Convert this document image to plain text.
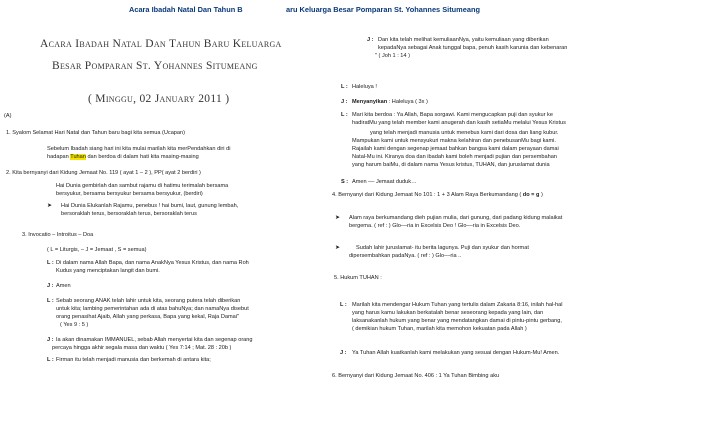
Acara Ibadah Natal Dan Tahun B	aru Keluarga Besar Pomparan St. Yohannes Situmeang
Acara Ibadah Natal Dan Tahun Baru Keluarga
Besar Pomparan St. Yohannes Situmeang
( Minggu, 02 January 2011 )
(A)
1. Syalom Selamat Hari Natal dan Tahun baru bagi kita semua (Ucapan)
Sebelum Ibadah siang hari ini kita mulai marilah kita merPendahkan diri di
hadapan Tuhan dan berdoa di dalam hati kita masing-masing
2. Kita bernyanyi dari Kidung Jemaat No. 119 ( ayat 1 – 2 ), PP( ayat 2 berdiri )
Hai Dunia gembirlah dan sambut rajamu di hatimu terimalah bersama
bersyukur, bersama bersyukur bersama bersyukur, (berdiri)
➤ Hai Dunia Elukanlah Rajamu, penebus ! hai bumi, laut, gunung lembah,
bersoraklah terus, bersoraklah terus, bersoraklah terus
3. Invocatio – Introitus – Doa
( L = Liturgis, – J = Jemaat , S = semua)
L : Di dalam nama Allah Bapa, dan nama AnakNya Yesus Kristus, dan nama Roh
Kudus yang menciptakan langit dan bumi.
J : Amen
L : Sebab seorang ANAK telah lahir untuk kita, seorang putera telah diberikan
untuk kita; lambing pemerintahan ada di atas bahuNya; dan namaNya disebut
orang penasihat Ajaib, Allah yang perkasa, Bapa yang kekal, Raja Damai"
( Yes 9 : 5 )
J : Ia akan dinamakan IMMANUEL, sebab Allah menyertai kita dan segenap orang
percaya hingga akhir segala masa dan waktu ( Yes 7:14 ; Mat. 28 : 20b )
L : Firman itu telah menjadi manusia dan berkemah di antara kita;
J : Dan kita telah melihat kemuliaanNya, yaitu kemuliaan yang diberikan
kepadaNya sebagai Anak tunggal bapa, penuh kasih karunia dan kebenaran
" ( Joh 1 : 14 )
L : Haleluya !
J : Menyanyikan : Haleluya ( 3x )
L : Mari kita berdoa : Ya Allah, Bapa sorgawi. Kami mengucapkan puji dan syukur ke
hadiratMu yang telah member kami anugerah dan kasih setiaMu melalui Yesus Kristus
yang telah menjadi manusia untuk menebus kami dari dosa dan liang kubur.
Mampukan kami untuk mensyukuri makna kelahiran dan penebusanMu bagi kami.
Rajailah kami dengan segenap jemaat bahkan bangsa kami dalam perayaan damai
Natal-Mu ini. Kiranya doa dan ibadah kami boleh menjadi pujian dan persembahan
yang harum baiMu, di dalam nama Yesus kristus, TUHAN, dan juruslamat dunia
S : Amen –– Jemaat duduk…
4. Bernyanyi dari Kidung Jemaat No 101 : 1 + 3 Alam Raya Berkumandang ( do = g )
➤ Alam raya berkumandang dieh pujian mulia, dari gunung, dari padang kidung malaikat
bergema. ( ref : ) Glo––ria in Excelsis Deo ! Glo––ria in Excelsis Deo.
➤	Sudah lahir juruslamat- itu berita lagunya. Puji dan syukur dan hormat
dipersembahkan padaNya. ( ref : ) Glo––ria ..
5. Hukum TUHAN :
L : Marilah kita mendengar Hukum Tuhan yang tertulis dalam Zakaria 8:16, inilah hal-hal
yang harus kamu lakukan berkatalah benar seseorang kepada yang lain, dan
laksanakanlah hukum yang benar yang mendatangkan damai di pintu-pintu gerbang,
( demikian hukum Tuhan, marilah kita memohon kekuatan pada Allah )
J : Ya Tuhan Allah kuatkanlah kami melakukan yang sesuai dengan Hukum-Mu! Amen.
6. Bernyanyi dari Kidung Jemaat No. 406 : 1 Ya Tuhan Bimbing aku
